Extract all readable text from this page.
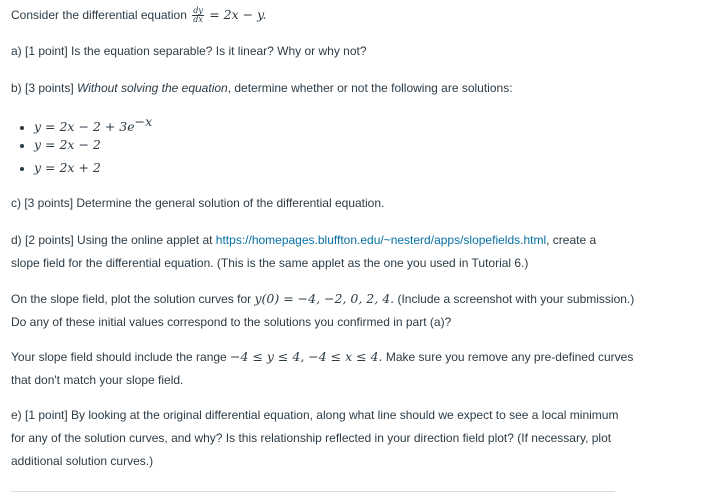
Consider the differential equation $\frac{dy}{dx} = 2x - y$.
a) [1 point] Is the equation separable? Is it linear? Why or why not?
b) [3 points] Without solving the equation, determine whether or not the following are solutions:
$y = 2x - 2 + 3e^{-x}$
y = 2x − 2
y = 2x + 2
c) [3 points] Determine the general solution of the differential equation.
d) [2 points] Using the online applet at https://homepages.bluffton.edu/~nesterd/apps/slopefields.html, create a
slope field for the differential equation. (This is the same applet as the one you used in Tutorial 6.)
On the slope field, plot the solution curves for y(0) = −4, −2, 0, 2, 4. (Include a screenshot with your submission.)
Do any of these initial values correspond to the solutions you confirmed in part (a)?
Your slope field should include the range −4 ≤ y ≤ 4, −4 ≤ x ≤ 4. Make sure you remove any pre-defined curves
that don't match your slope field.
e) [1 point] By looking at the original differential equation, along what line should we expect to see a local minimum
for any of the solution curves, and why? Is this relationship reflected in your direction field plot? (If necessary, plot
additional solution curves.)
